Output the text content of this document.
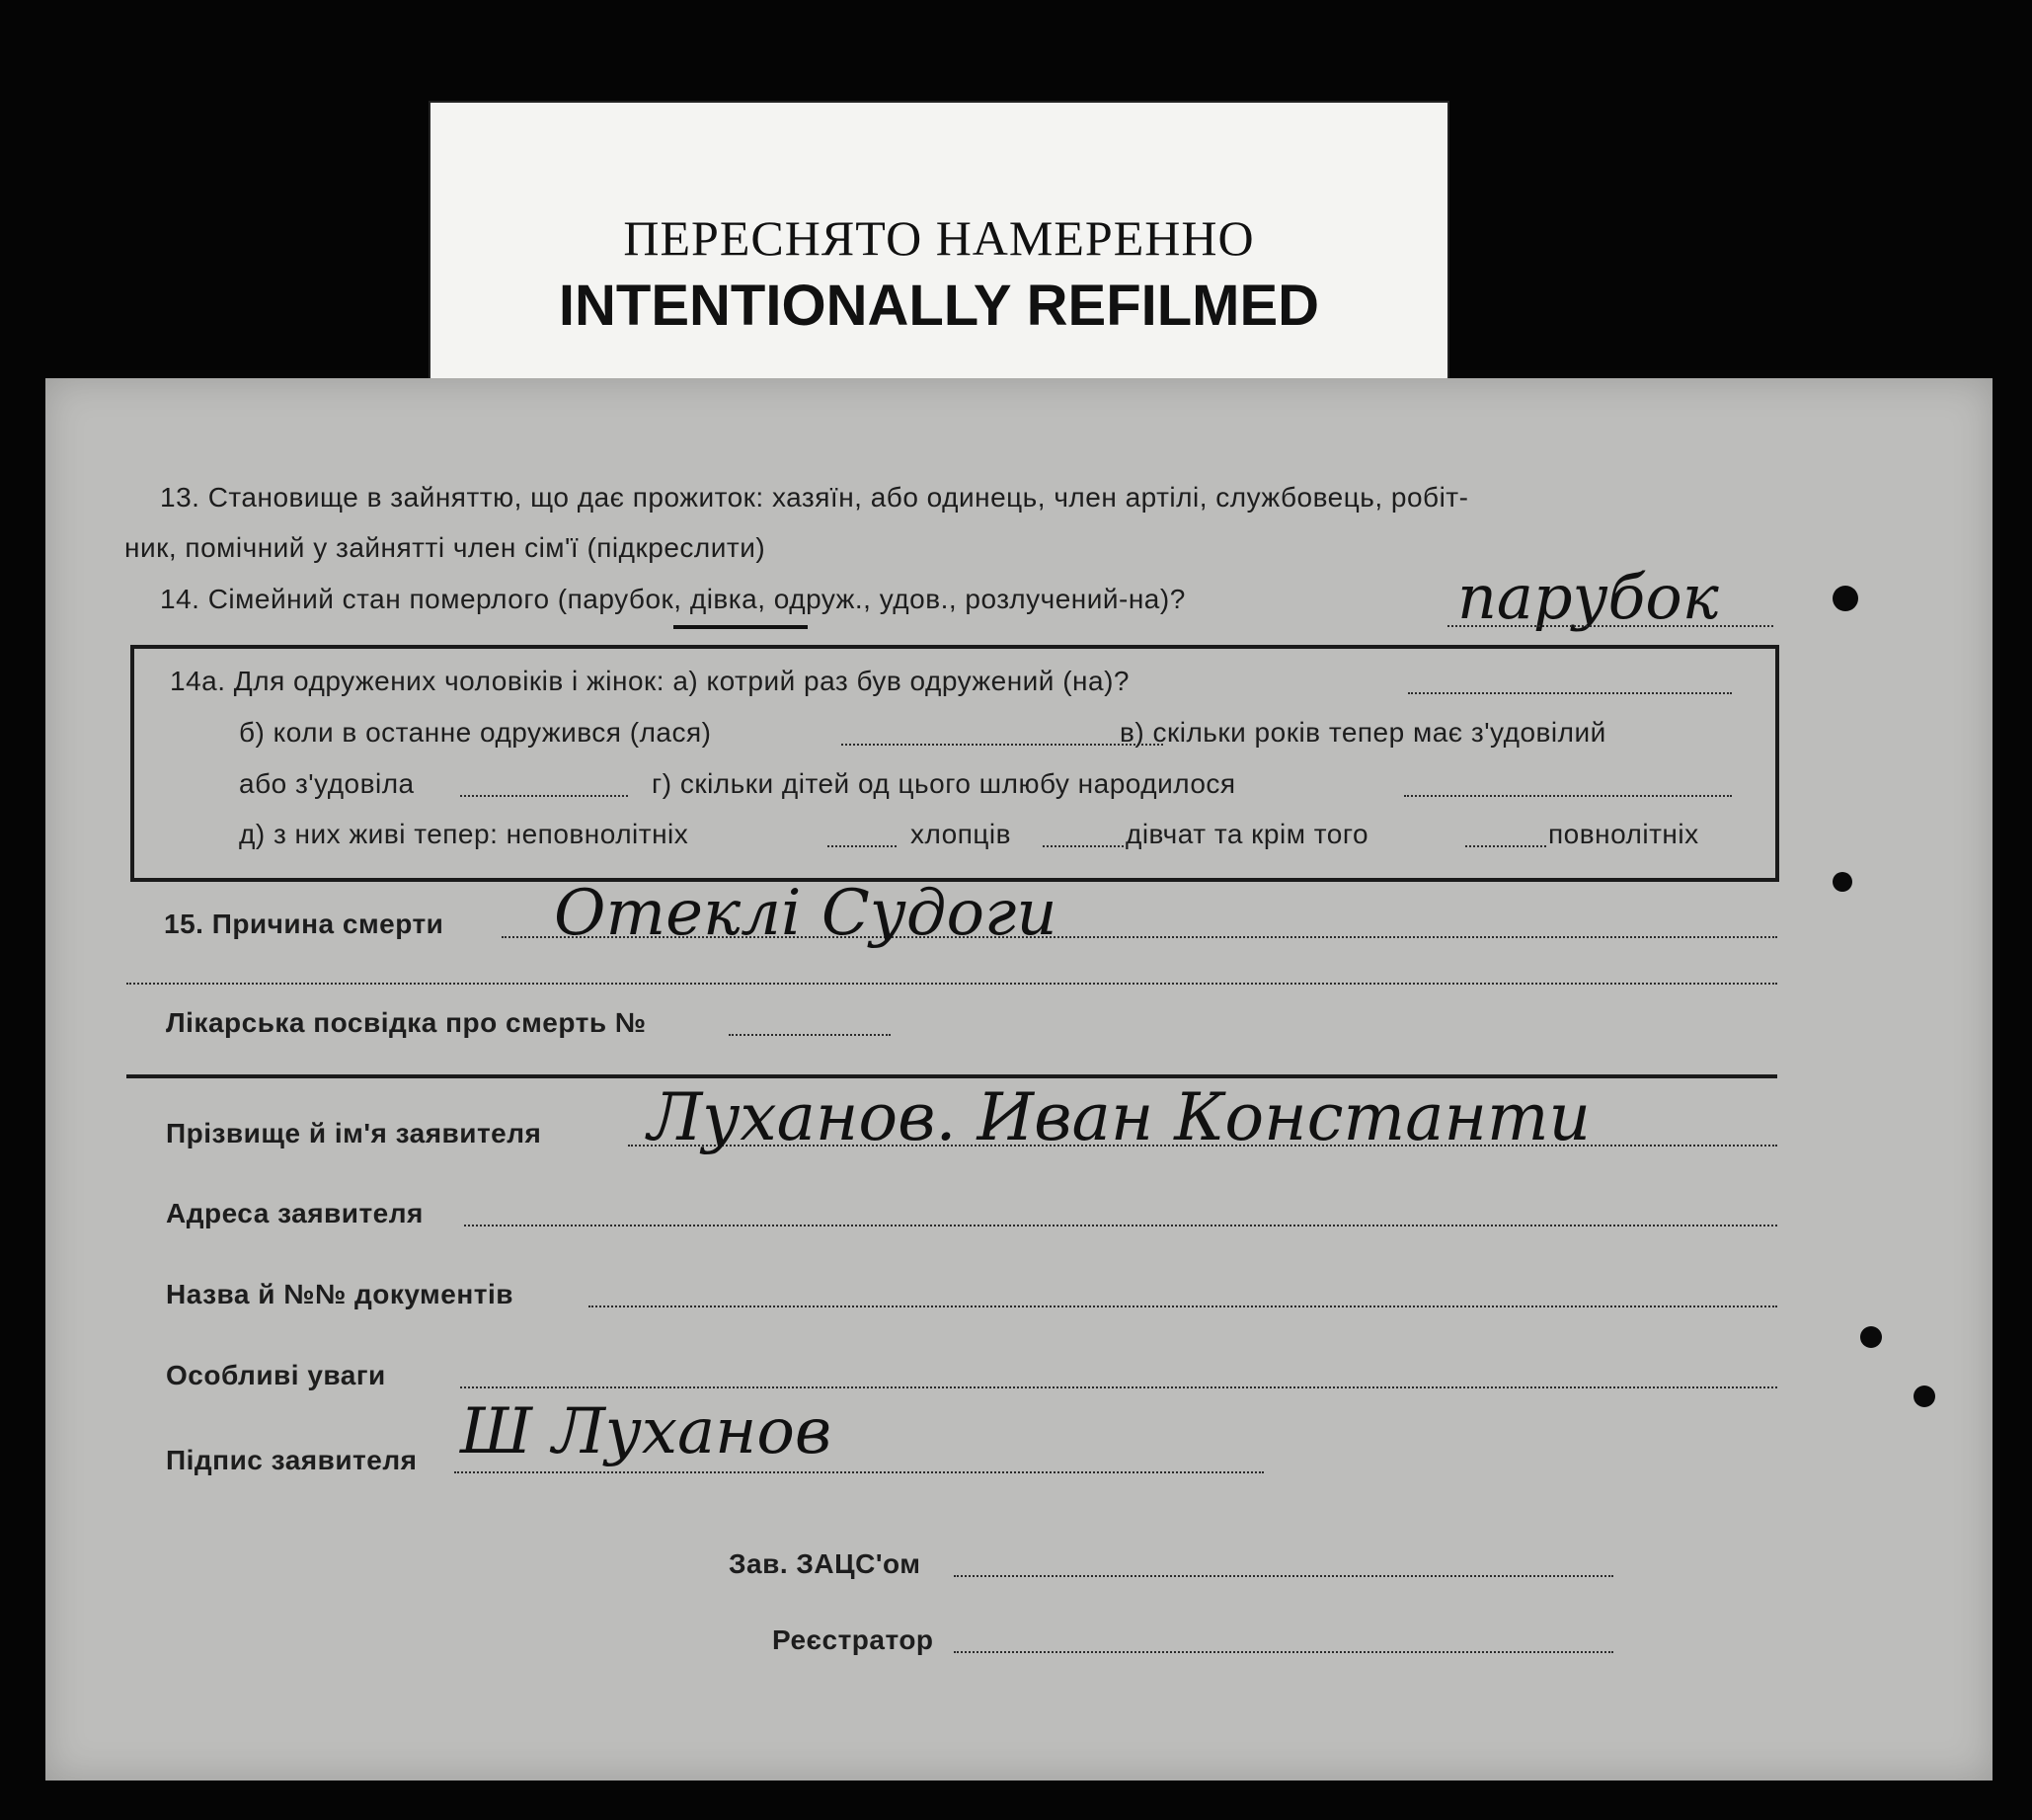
ПЕРЕСНЯТО НАМЕРЕННО
INTENTIONALLY REFILMED
13. Становище в зайняттю, що дає прожиток: хазяїн, або одинець, член артілі, службовець, робіт-
ник, помічний у зайнятті член сім'ї (підкреслити)
14. Сімейний стан померлого (парубок, дівка, одруж., удов., розлучений-на)?	парубок
14а. Для одружених чоловіків і жінок: а) котрий раз був одружений (на)?
б) коли в останне одружився (лася)	в) скільки років тепер має з'удовілий
або з'удовіла	г) скільки дітей од цього шлюбу народилося
д) з них живі тепер: неповнолітніх	хлопців	дівчат та крім того	повнолітніх
15. Причина смерти Отеклі Судоги
Лікарська посвідка про смерть №
Прізвище й ім'я заявителя Луханов. Иван Константи
Адреса заявителя
Назва й №№ документів
Особливі уваги
Підпис заявителя Ш Луханов
Зав. ЗАЦС'ом
Реєстратор
